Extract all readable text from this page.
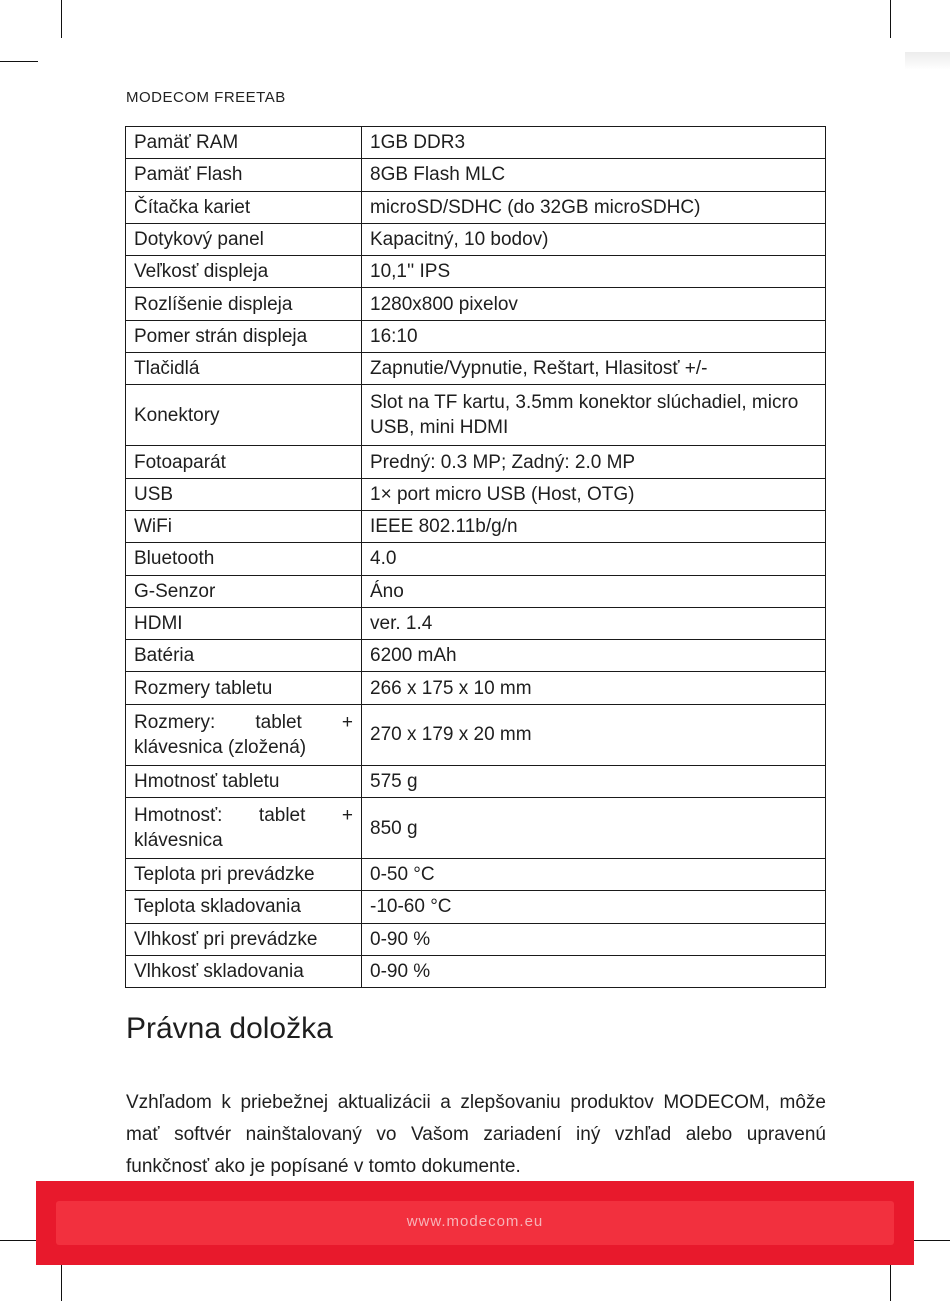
MODECOM FREETAB
Pamäť RAM	1GB DDR3
Pamäť Flash	8GB Flash MLC
Čítačka kariet	microSD/SDHC (do 32GB microSDHC)
Dotykový panel	Kapacitný, 10 bodov)
Veľkosť displeja	10,1'' IPS
Rozlíšenie displeja	1280x800 pixelov
Pomer strán displeja	16:10
Tlačidlá	Zapnutie/Vypnutie, Reštart, Hlasitosť +/-
Konektory	Slot na TF kartu, 3.5mm konektor slúchadiel, micro USB, mini HDMI
Fotoaparát	Predný: 0.3 MP; Zadný: 2.0 MP
USB	1× port micro USB (Host, OTG)
WiFi	IEEE 802.11b/g/n
Bluetooth	4.0
G-Senzor	Áno
HDMI	ver. 1.4
Batéria	6200 mAh
Rozmery tabletu	266 x 175 x 10 mm
Rozmery: tablet + klávesnica (zložená)	270 x 179 x 20 mm
Hmotnosť tabletu	575 g
Hmotnosť: tablet + klávesnica	850 g
Teplota pri prevádzke	0-50 °C
Teplota skladovania	-10-60 °C
Vlhkosť pri prevádzke	0-90 %
Vlhkosť skladovania	0-90 %
Právna doložka
Vzhľadom k priebežnej aktualizácii a zlepšovaniu produktov MODECOM, môže mať softvér nainštalovaný vo Vašom zariadení iný vzhľad alebo upravenú funkčnosť ako je popísané v tomto dokumente.
www.modecom.eu
